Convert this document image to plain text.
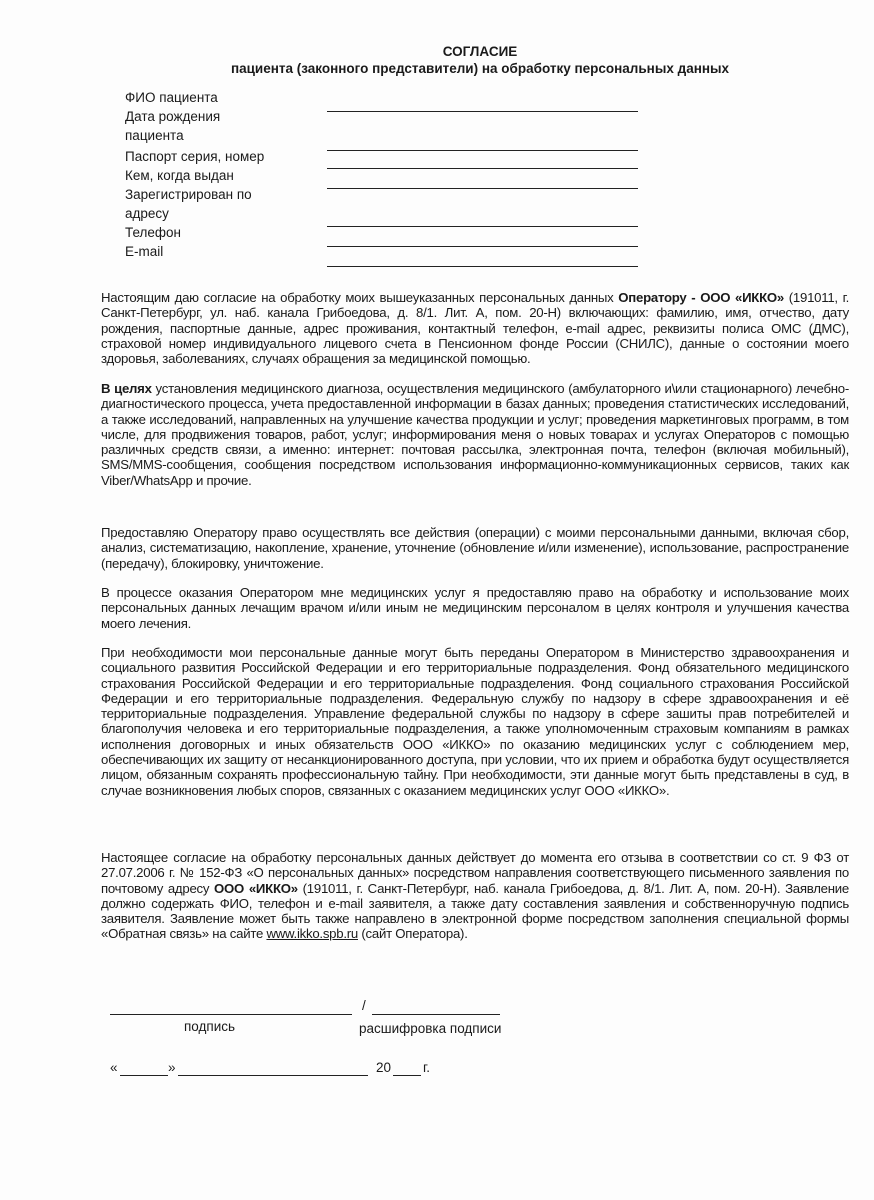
СОГЛАСИЕ
пациента (законного представители) на обработку персональных данных
ФИО пациента
Дата рождения
пациента
Паспорт серия, номер
Кем, когда выдан
Зарегистрирован по
адресу
Телефон
E-mail
Настоящим даю согласие на обработку моих вышеуказанных персональных данных Оператору - ООО «ИККО» (191011, г. Санкт-Петербург, ул. наб. канала Грибоедова, д. 8/1. Лит. А, пом. 20-Н) включающих: фамилию, имя, отчество, дату рождения, паспортные данные, адрес проживания, контактный телефон, e-mail адрес, реквизиты полиса ОМС (ДМС), страховой номер индивидуального лицевого счета в Пенсионном фонде России (СНИЛС), данные о состоянии моего здоровья, заболеваниях, случаях обращения за медицинской помощью.
В целях установления медицинского диагноза, осуществления медицинского (амбулаторного и\или стационарного) лечебно-диагностического процесса, учета предоставленной информации в базах данных; проведения статистических исследований, а также исследований, направленных на улучшение качества продукции и услуг; проведения маркетинговых программ, в том числе, для продвижения товаров, работ, услуг; информирования меня о новых товарах и услугах Операторов с помощью различных средств связи, а именно: интернет: почтовая рассылка, электронная почта, телефон (включая мобильный), SMS/MMS-сообщения, сообщения посредством использования информационно-коммуникационных сервисов, таких как Viber/WhatsApp и прочие.
Предоставляю Оператору право осуществлять все действия (операции) с моими персональными данными, включая сбор, анализ, систематизацию, накопление, хранение, уточнение (обновление и/или изменение), использование, распространение (передачу), блокировку, уничтожение.
В процессе оказания Оператором мне медицинских услуг я предоставляю право на обработку и использование моих персональных данных лечащим врачом и/или иным не медицинским персоналом в целях контроля и улучшения качества моего лечения.
При необходимости мои персональные данные могут быть переданы Оператором в Министерство здравоохранения и социального развития Российской Федерации и его территориальные подразделения. Фонд обязательного медицинского страхования Российской Федерации и его территориальные подразделения. Фонд социального страхования Российской Федерации и его территориальные подразделения. Федеральную службу по надзору в сфере здравоохранения и её территориальные подразделения. Управление федеральной службы по надзору в сфере зашиты прав потребителей и благополучия человека и его территориальные подразделения, а также уполномоченным страховым компаниям в рамках исполнения договорных и иных обязательств ООО «ИККО» по оказанию медицинских услуг с соблюдением мер, обеспечивающих их защиту от несанкционированного доступа, при условии, что их прием и обработка будут осуществляется лицом, обязанным сохранять профессиональную тайну. При необходимости, эти данные могут быть представлены в суд, в случае возникновения любых споров, связанных с оказанием медицинских услуг ООО «ИККО».
Настоящее согласие на обработку персональных данных действует до момента его отзыва в соответствии со ст. 9 ФЗ от 27.07.2006 г. № 152-ФЗ «О персональных данных» посредством направления соответствующего письменного заявления по почтовому адресу ООО «ИККО» (191011, г. Санкт-Петербург, наб. канала Грибоедова, д. 8/1. Лит. А, пом. 20-Н). Заявление должно содержать ФИО, телефон и e-mail заявителя, а также дату составления заявления и собственноручную подпись заявителя. Заявление может быть также направлено в электронной форме посредством заполнения специальной формы «Обратная связь» на сайте www.ikko.spb.ru (сайт Оператора).
/
подпись	расшифровка подписи
«	»	20 г.
